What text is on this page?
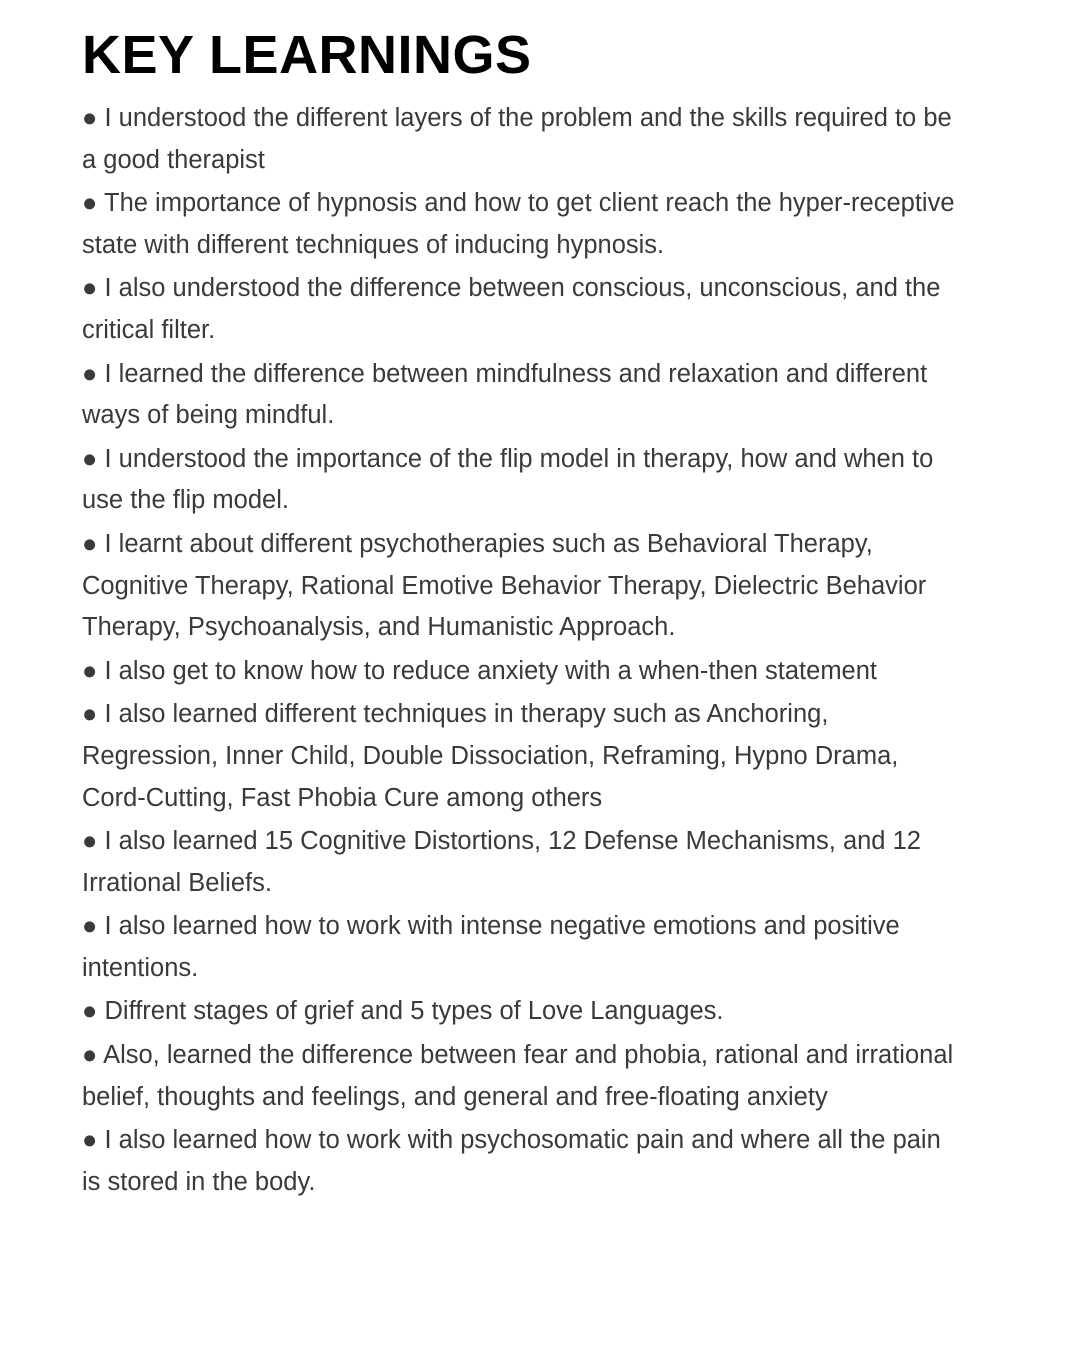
KEY LEARNINGS
● I understood the different layers of the problem and the skills required to be a good therapist
● The importance of hypnosis and how to get client reach the hyper-receptive state with different techniques of inducing hypnosis.
● I also understood the difference between conscious, unconscious, and the critical filter.
● I learned the difference between mindfulness and relaxation and different ways of being mindful.
● I understood the importance of the flip model in therapy, how and when to use the flip model.
● I learnt about different psychotherapies such as Behavioral Therapy, Cognitive Therapy, Rational Emotive Behavior Therapy, Dielectric Behavior Therapy, Psychoanalysis, and Humanistic Approach.
● I also get to know how to reduce anxiety with a when-then statement
● I also learned different techniques in therapy such as Anchoring, Regression, Inner Child, Double Dissociation, Reframing, Hypno Drama, Cord-Cutting, Fast Phobia Cure among others
● I also learned 15 Cognitive Distortions, 12 Defense Mechanisms, and 12 Irrational Beliefs.
● I also learned how to work with intense negative emotions and positive intentions.
● Diffrent stages of grief and 5 types of Love Languages.
● Also, learned the difference between fear and phobia, rational and irrational belief, thoughts and feelings, and general and free-floating anxiety
● I also learned how to work with psychosomatic pain and where all the pain is stored in the body.
